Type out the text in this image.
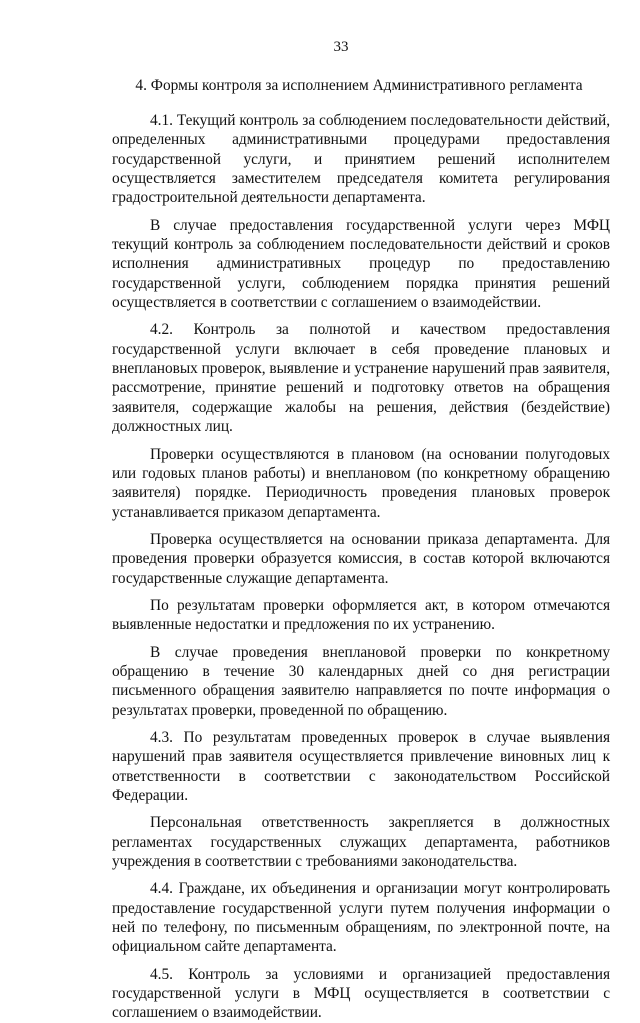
33
4. Формы контроля за исполнением Административного регламента

4.1. Текущий контроль за соблюдением последовательности действий, определенных административными процедурами предоставления государственной услуги, и принятием решений исполнителем осуществляется заместителем председателя комитета регулирования градостроительной деятельности департамента.

В случае предоставления государственной услуги через МФЦ текущий контроль за соблюдением последовательности действий и сроков исполнения административных процедур по предоставлению государственной услуги, соблюдением порядка принятия решений осуществляется в соответствии с соглашением о взаимодействии.

4.2. Контроль за полнотой и качеством предоставления государственной услуги включает в себя проведение плановых и внеплановых проверок, выявление и устранение нарушений прав заявителя, рассмотрение, принятие решений и подготовку ответов на обращения заявителя, содержащие жалобы на решения, действия (бездействие) должностных лиц.

Проверки осуществляются в плановом (на основании полугодовых или годовых планов работы) и внеплановом (по конкретному обращению заявителя) порядке. Периодичность проведения плановых проверок устанавливается приказом департамента.

Проверка осуществляется на основании приказа департамента. Для проведения проверки образуется комиссия, в состав которой включаются государственные служащие департамента.

По результатам проверки оформляется акт, в котором отмечаются выявленные недостатки и предложения по их устранению.

В случае проведения внеплановой проверки по конкретному обращению в течение 30 календарных дней со дня регистрации письменного обращения заявителю направляется по почте информация о результатах проверки, проведенной по обращению.

4.3. По результатам проведенных проверок в случае выявления нарушений прав заявителя осуществляется привлечение виновных лиц к ответственности в соответствии с законодательством Российской Федерации.

Персональная ответственность закрепляется в должностных регламентах государственных служащих департамента, работников учреждения в соответствии с требованиями законодательства.

4.4. Граждане, их объединения и организации могут контролировать предоставление государственной услуги путем получения информации о ней по телефону, по письменным обращениям, по электронной почте, на официальном сайте департамента.

4.5. Контроль за условиями и организацией предоставления государственной услуги в МФЦ осуществляется в соответствии с соглашением о взаимодействии.
